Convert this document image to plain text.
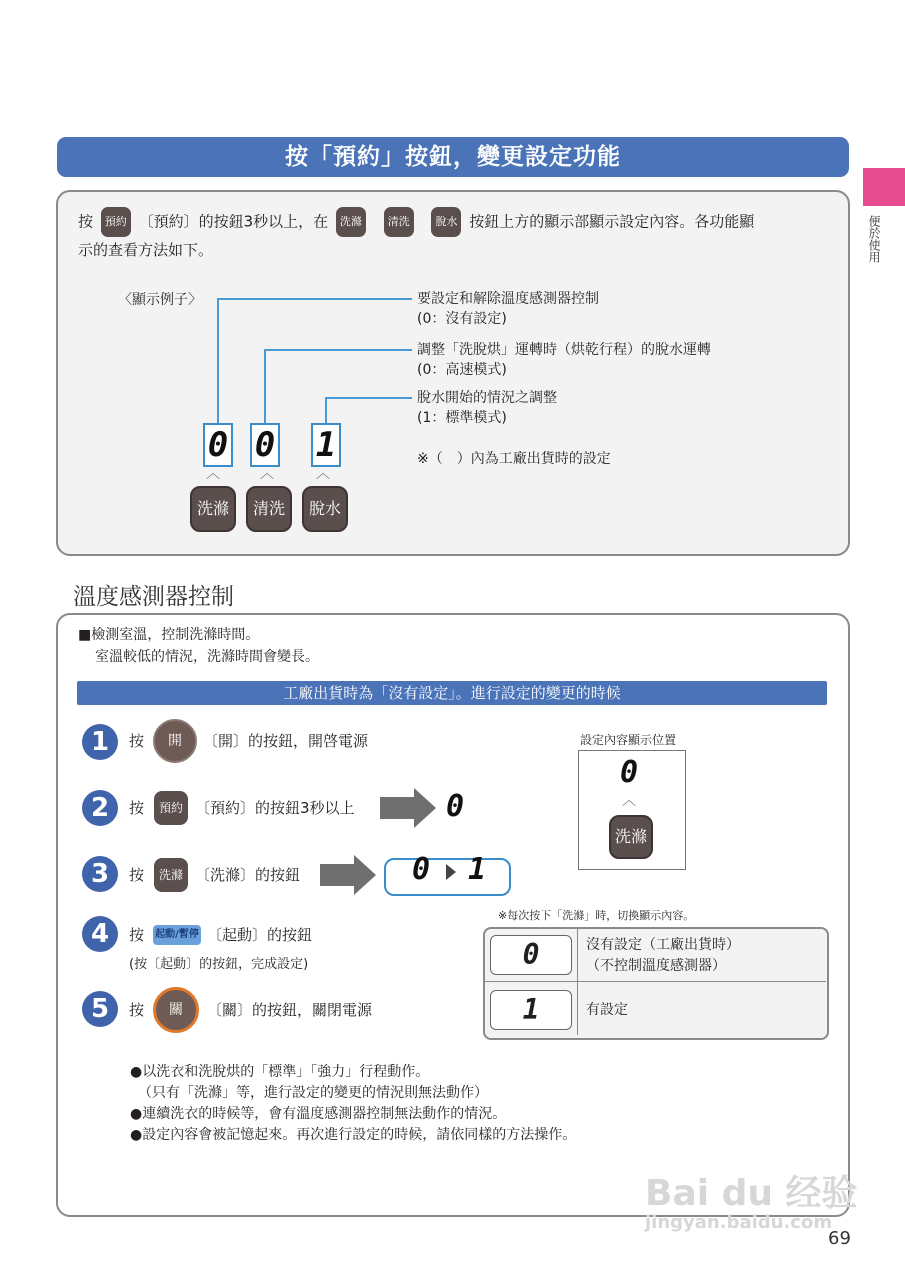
按「預約」按鈕，變更設定功能
便於使用
按 預約 〔預約〕的按鈕3秒以上，在 洗滌 清洗 脫水 按鈕上方的顯示部顯示設定內容。各功能顯
示的查看方法如下。
〈顯示例子〉	要設定和解除溫度感測器控制
(0：沒有設定)
調整「洗脫烘」運轉時（烘乾行程）的脫水運轉
(0：高速模式)
脫水開始的情況之調整
(1：標準模式)
※（　）內為工廠出貨時的設定
0 0 1
︿	︿	︿
洗滌	清洗	脫水
溫度感測器控制
■檢測室溫，控制洗滌時間。
室溫較低的情況，洗滌時間會變長。
工廠出貨時為「沒有設定」。進行設定的變更的時候
1	按	開	〔開〕的按鈕，開啓電源
2	按	預約 〔預約〕的按鈕3秒以上	0
3	按	洗滌 〔洗滌〕的按鈕	0 1
4	按 起動/暫停 〔起動〕的按鈕
(按〔起動〕的按鈕，完成設定)
5	按	關	〔關〕的按鈕，關閉電源
設定內容顯示位置
0
︿
洗滌
※每次按下「洗滌」時，切換顯示內容。
0	沒有設定（工廠出貨時）
（不控制溫度感測器）
1	有設定
●以洗衣和洗脫烘的「標準」「強力」行程動作。
（只有「洗滌」等，進行設定的變更的情況則無法動作）
●連續洗衣的時候等，會有溫度感測器控制無法動作的情況。
●設定內容會被記憶起來。再次進行設定的時候，請依同樣的方法操作。
Bai du 经验
jingyan.baidu.com
69
